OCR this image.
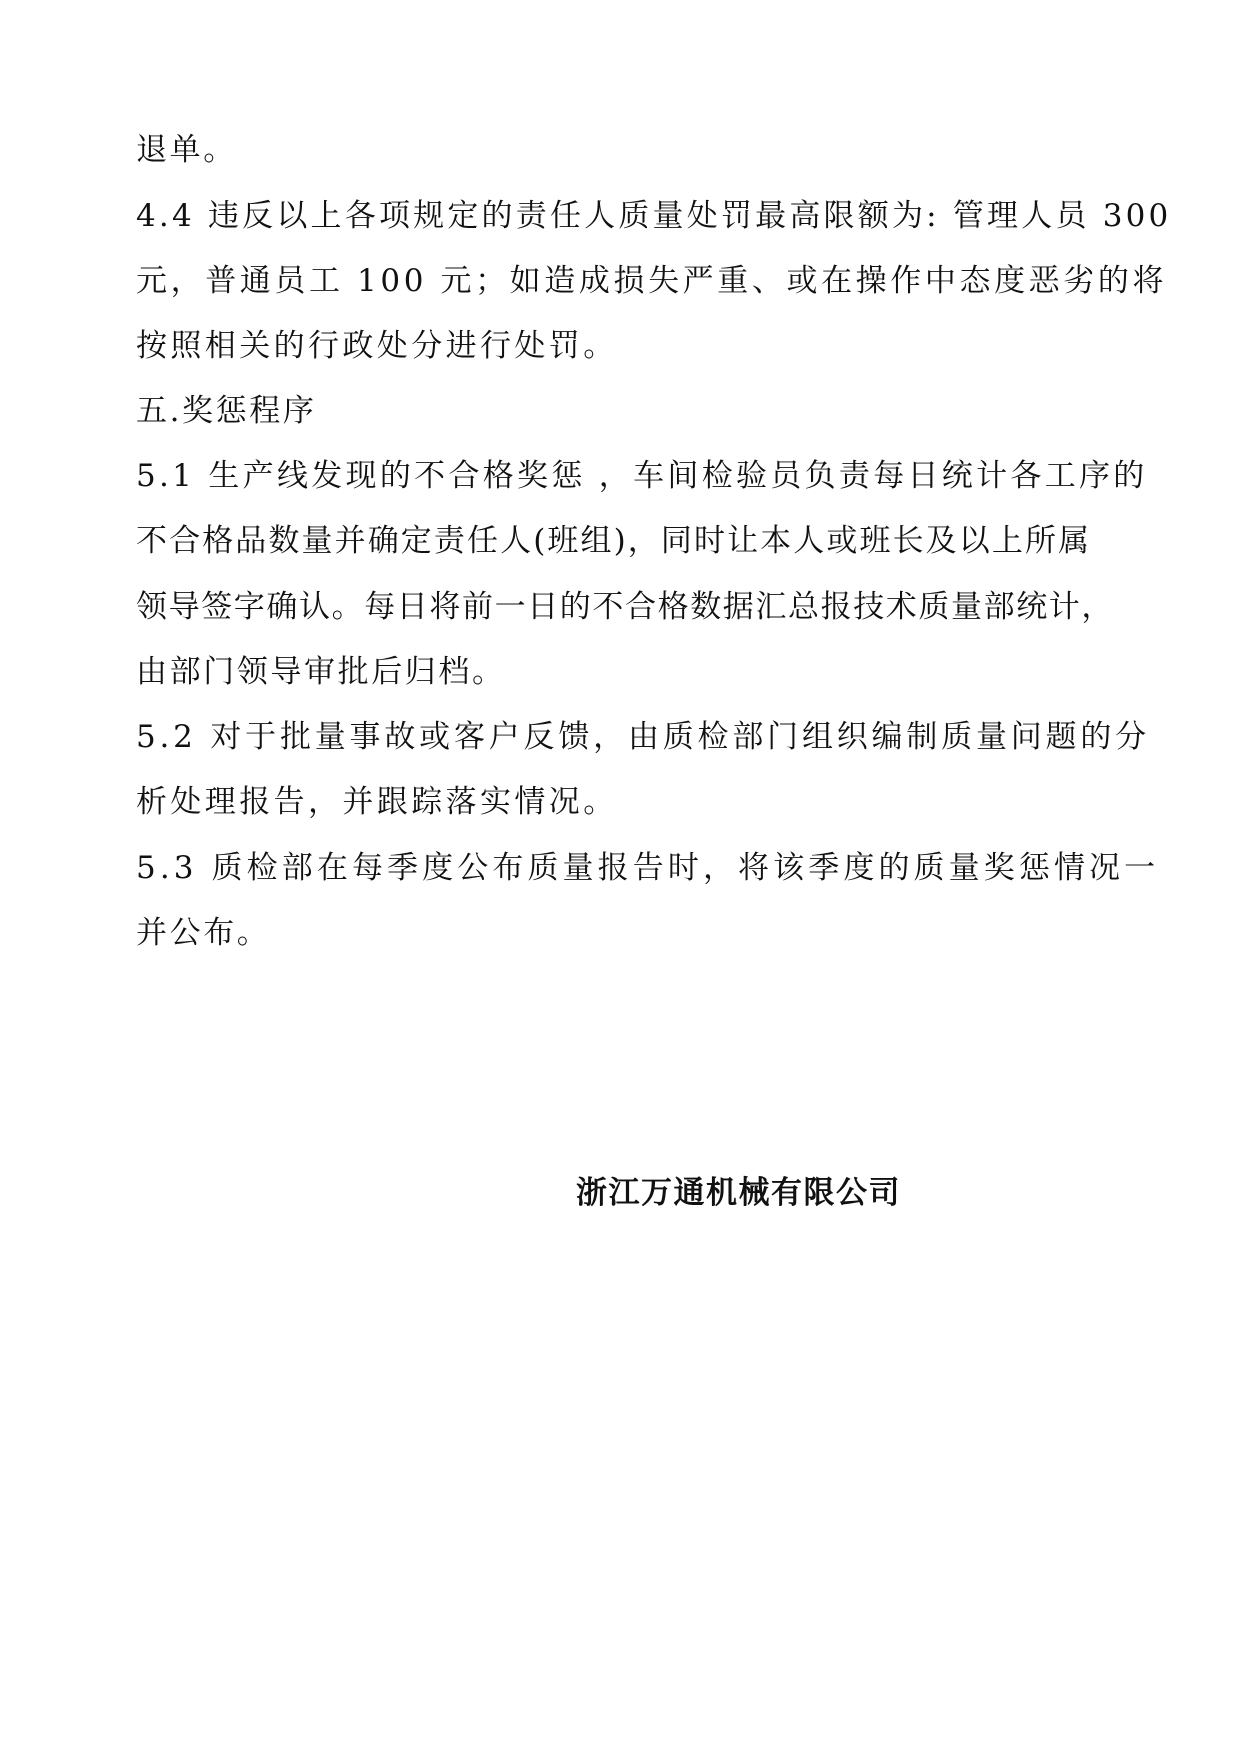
退单。
4.4 违反以上各项规定的责任人质量处罚最高限额为: 管理人员 300
元，普通员工 100 元；如造成损失严重、或在操作中态度恶劣的将
按照相关的行政处分进行处罚。
五.奖惩程序
5.1 生产线发现的不合格奖惩 ，车间检验员负责每日统计各工序的
不合格品数量并确定责任人(班组)，同时让本人或班长及以上所属
领导签字确认。每日将前一日的不合格数据汇总报技术质量部统计，
由部门领导审批后归档。
5.2 对于批量事故或客户反馈，由质检部门组织编制质量问题的分
析处理报告，并跟踪落实情况。
5.3 质检部在每季度公布质量报告时，将该季度的质量奖惩情况一
并公布。
浙江万通机械有限公司
